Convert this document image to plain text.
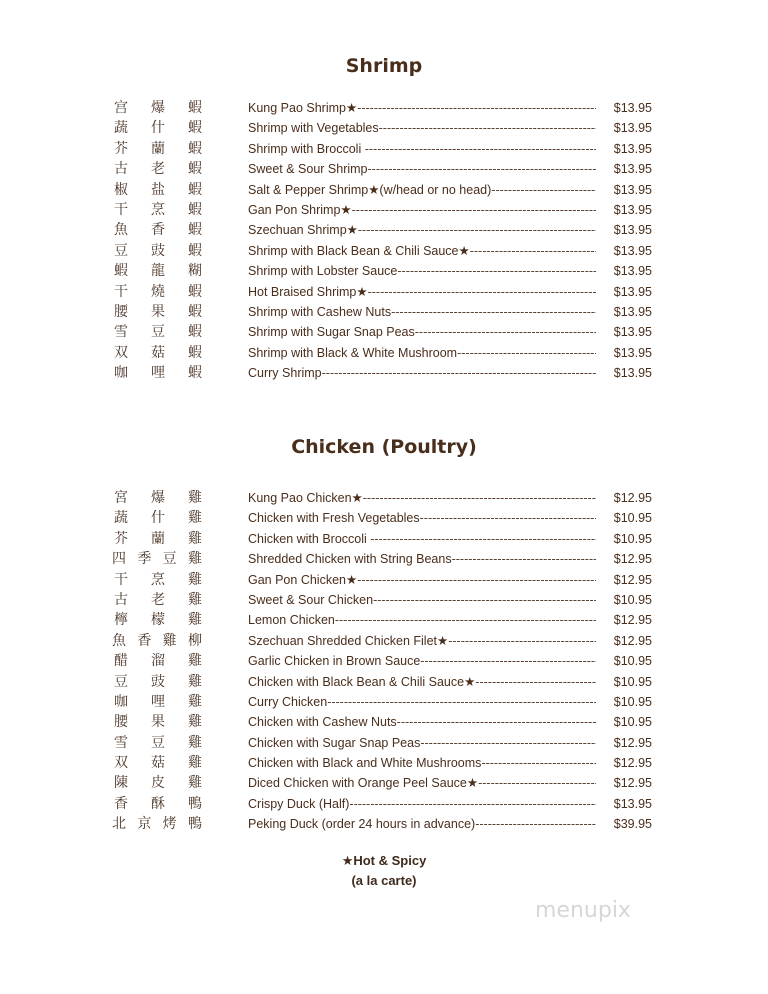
Shrimp
宫 爆 蝦	Kung Pao Shrimp★ -----	$13.95
蔬 什 蝦	Shrimp with Vegetables -----	$13.95
芥 蘭 蝦	Shrimp with Broccoli -----	$13.95
古 老 蝦	Sweet & Sour Shrimp -----	$13.95
椒 盐 蝦	Salt & Pepper Shrimp★(w/head or no head) -----	$13.95
干 烹 蝦	Gan Pon Shrimp★ -----	$13.95
魚 香 蝦	Szechuan Shrimp★ -----	$13.95
豆 豉 蝦	Shrimp with Black Bean & Chili Sauce★ -----	$13.95
蝦 龍 糊	Shrimp with Lobster Sauce -----	$13.95
干 燒 蝦	Hot Braised Shrimp★ -----	$13.95
腰 果 蝦	Shrimp with Cashew Nuts -----	$13.95
雪 豆 蝦	Shrimp with Sugar Snap Peas -----	$13.95
双 菇 蝦	Shrimp with Black & White Mushroom -----	$13.95
咖 哩 蝦	Curry Shrimp -----	$13.95
Chicken (Poultry)
宮 爆 雞	Kung Pao Chicken★ -----	$12.95
蔬 什 雞	Chicken with Fresh Vegetables -----	$10.95
芥 蘭 雞	Chicken with Broccoli -----	$10.95
四 季 豆 雞	Shredded Chicken with String Beans -----	$12.95
干 烹 雞	Gan Pon Chicken★ -----	$12.95
古 老 雞	Sweet & Sour Chicken -----	$10.95
檸 檬 雞	Lemon Chicken -----	$12.95
魚 香 雞 柳	Szechuan Shredded Chicken Filet★ -----	$12.95
醋 溜 雞	Garlic Chicken in Brown Sauce -----	$10.95
豆 豉 雞	Chicken with Black Bean & Chili Sauce★ -----	$10.95
咖 哩 雞	Curry Chicken -----	$10.95
腰 果 雞	Chicken with Cashew Nuts -----	$10.95
雪 豆 雞	Chicken with Sugar Snap Peas -----	$12.95
双 菇 雞	Chicken with Black and White Mushrooms -----	$12.95
陳 皮 雞	Diced Chicken with Orange Peel Sauce★ -----	$12.95
香 酥 鴨	Crispy Duck (Half) -----	$13.95
北 京 烤 鴨	Peking Duck (order 24 hours in advance) -----	$39.95
★Hot & Spicy
(a la carte)
menupix
